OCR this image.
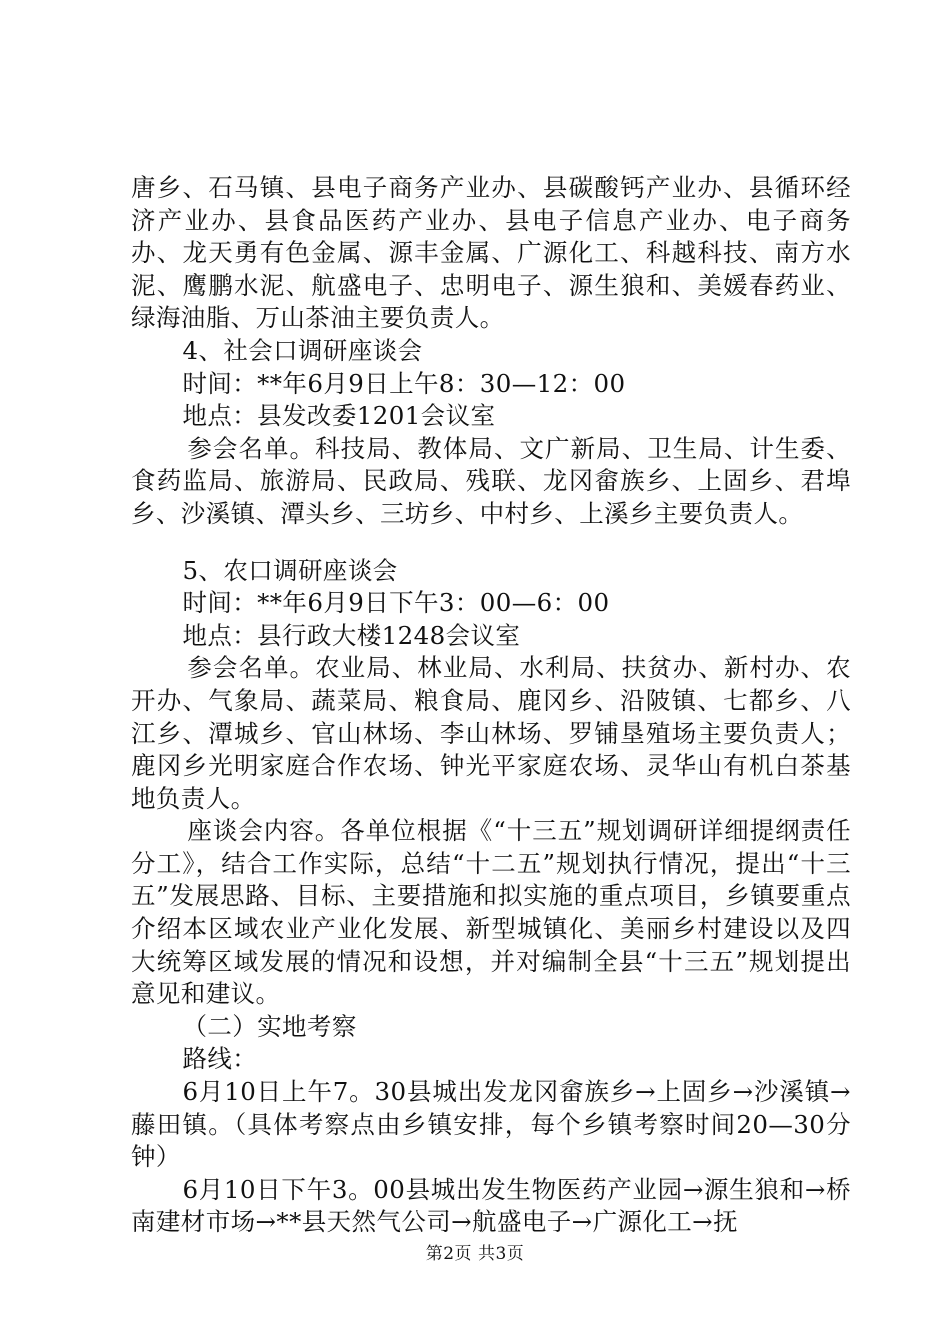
唐乡、石马镇、县电子商务产业办、县碳酸钙产业办、县循环经济产业办、县食品医药产业办、县电子信息产业办、电子商务办、龙天勇有色金属、源丰金属、广源化工、科越科技、南方水泥、鹰鹏水泥、航盛电子、忠明电子、源生狼和、美媛春药业、绿海油脂、万山茶油主要负责人。

4、社会口调研座谈会

时间：**年6月9日上午8：30—12：00

地点：县发改委1201会议室

参会名单。科技局、教体局、文广新局、卫生局、计生委、食药监局、旅游局、民政局、残联、龙冈畲族乡、上固乡、君埠乡、沙溪镇、潭头乡、三坊乡、中村乡、上溪乡主要负责人。

5、农口调研座谈会

时间：**年6月9日下午3：00—6：00

地点：县行政大楼1248会议室

参会名单。农业局、林业局、水利局、扶贫办、新村办、农开办、气象局、蔬菜局、粮食局、鹿冈乡、沿陂镇、七都乡、八江乡、潭城乡、官山林场、李山林场、罗铺垦殖场主要负责人；鹿冈乡光明家庭合作农场、钟光平家庭农场、灵华山有机白茶基地负责人。

座谈会内容。各单位根据《“十三五”规划调研详细提纲责任分工》，结合工作实际，总结“十二五”规划执行情况，提出“十三五”发展思路、目标、主要措施和拟实施的重点项目，乡镇要重点介绍本区域农业产业化发展、新型城镇化、美丽乡村建设以及四大统筹区域发展的情况和设想，并对编制全县“十三五”规划提出意见和建议。

（二）实地考察

路线：

6月10日上午7。30县城出发龙冈畲族乡→上固乡→沙溪镇→藤田镇。（具体考察点由乡镇安排，每个乡镇考察时间20—30分钟）

6月10日下午3。00县城出发生物医药产业园→源生狼和→桥南建材市场→**县天然气公司→航盛电子→广源化工→抚

第2页 共3页
